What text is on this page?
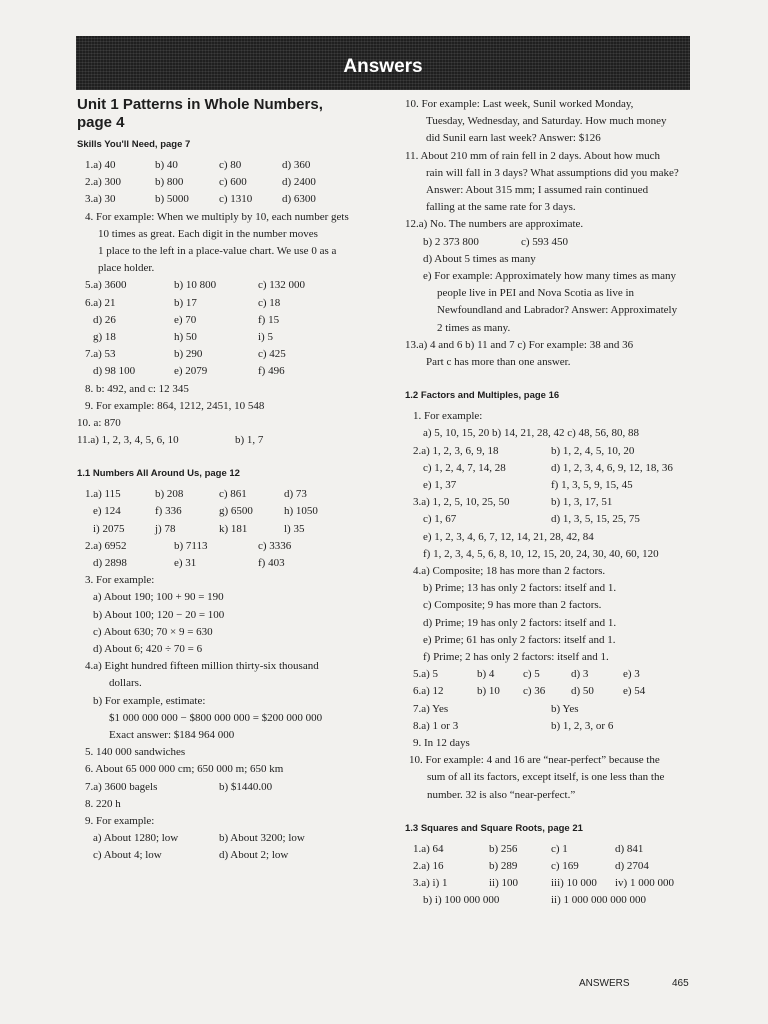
Answers
Unit 1 Patterns in Whole Numbers,
page 4
Skills You'll Need, page 7
1.a) 40	b) 40	c) 80	d) 360
2.a) 300	b) 800	c) 600	d) 2400
3.a) 30	b) 5000	c) 1310	d) 6300
4. For example: When we multiply by 10, each number gets
10 times as great. Each digit in the number moves
1 place to the left in a place-value chart. We use 0 as a
place holder.
5.a) 3600	b) 10 800	c) 132 000
6.a) 21	b) 17	c) 18
d) 26	e) 70	f) 15
g) 18	h) 50	i) 5
7.a) 53	b) 290	c) 425
d) 98 100	e) 2079	f) 496
8. b: 492, and c: 12 345
9. For example: 864, 1212, 2451, 10 548
10. a: 870
11.a) 1, 2, 3, 4, 5, 6, 10	b) 1, 7
1.1 Numbers All Around Us, page 12
1.a) 115	b) 208	c) 861	d) 73
e) 124	f) 336	g) 6500	h) 1050
i) 2075	j) 78	k) 181	l) 35
2.a) 6952	b) 7113	c) 3336
d) 2898	e) 31	f) 403
3. For example:
a) About 190; 100 + 90 = 190
b) About 100; 120 − 20 = 100
c) About 630; 70 × 9 = 630
d) About 6; 420 ÷ 70 = 6
4.a) Eight hundred fifteen million thirty-six thousand
dollars.
b) For example, estimate:
$1 000 000 000 − $800 000 000 = $200 000 000
Exact answer: $184 964 000
5. 140 000 sandwiches
6. About 65 000 000 cm; 650 000 m; 650 km
7.a) 3600 bagels	b) $1440.00
8. 220 h
9. For example:
a) About 1280; low	b) About 3200; low
c) About 4; low	d) About 2; low
10. For example: Last week, Sunil worked Monday,
Tuesday, Wednesday, and Saturday. How much money
did Sunil earn last week? Answer: $126
11. About 210 mm of rain fell in 2 days. About how much
rain will fall in 3 days? What assumptions did you make?
Answer: About 315 mm; I assumed rain continued
falling at the same rate for 3 days.
12.a) No. The numbers are approximate.
b) 2 373 800	c) 593 450
d) About 5 times as many
e) For example: Approximately how many times as many
people live in PEI and Nova Scotia as live in
Newfoundland and Labrador? Answer: Approximately
2 times as many.
13.a) 4 and 6 b) 11 and 7 c) For example: 38 and 36
Part c has more than one answer.
1.2 Factors and Multiples, page 16
1. For example:
a) 5, 10, 15, 20 b) 14, 21, 28, 42 c) 48, 56, 80, 88
2.a) 1, 2, 3, 6, 9, 18	b) 1, 2, 4, 5, 10, 20
c) 1, 2, 4, 7, 14, 28	d) 1, 2, 3, 4, 6, 9, 12, 18, 36
e) 1, 37	f) 1, 3, 5, 9, 15, 45
3.a) 1, 2, 5, 10, 25, 50	b) 1, 3, 17, 51
c) 1, 67	d) 1, 3, 5, 15, 25, 75
e) 1, 2, 3, 4, 6, 7, 12, 14, 21, 28, 42, 84
f) 1, 2, 3, 4, 5, 6, 8, 10, 12, 15, 20, 24, 30, 40, 60, 120
4.a) Composite; 18 has more than 2 factors.
b) Prime; 13 has only 2 factors: itself and 1.
c) Composite; 9 has more than 2 factors.
d) Prime; 19 has only 2 factors: itself and 1.
e) Prime; 61 has only 2 factors: itself and 1.
f) Prime; 2 has only 2 factors: itself and 1.
5.a) 5	b) 4	c) 5	d) 3	e) 3
6.a) 12	b) 10 c) 36 d) 50	e) 54
7.a) Yes	b) Yes
8.a) 1 or 3	b) 1, 2, 3, or 6
9. In 12 days
10. For example: 4 and 16 are “near-perfect” because the
sum of all its factors, except itself, is one less than the
number. 32 is also “near-perfect.”
1.3 Squares and Square Roots, page 21
1.a) 64	b) 256	c) 1	d) 841
2.a) 16	b) 289	c) 169	d) 2704
3.a) i) 1	ii) 100	iii) 10 000 iv) 1 000 000
b) i) 100 000 000	ii) 1 000 000 000 000
ANSWERS	465
